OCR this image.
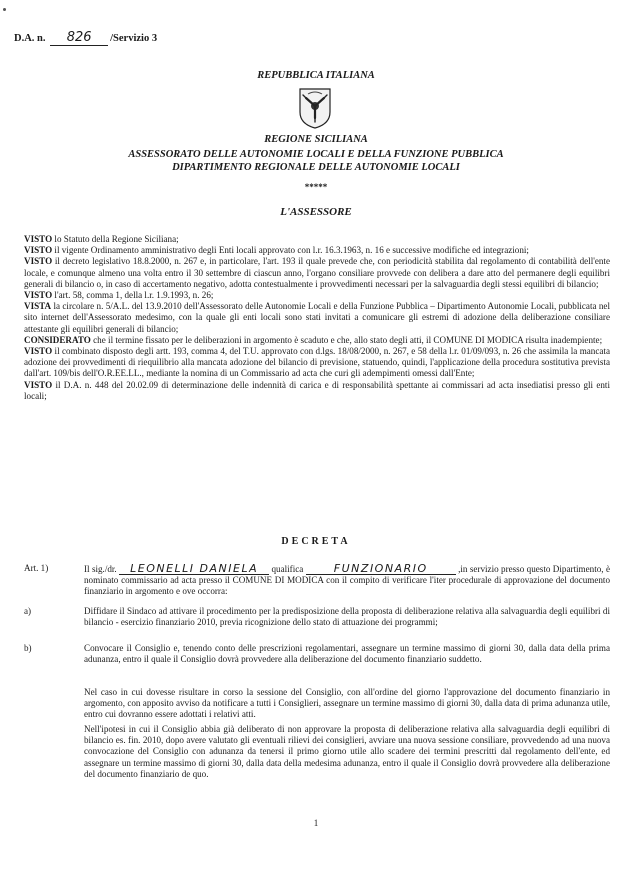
D.A. n. 826 /Servizio 3
REPUBBLICA ITALIANA
REGIONE SICILIANA
ASSESSORATO DELLE AUTONOMIE LOCALI E DELLA FUNZIONE PUBBLICA
DIPARTIMENTO REGIONALE DELLE AUTONOMIE LOCALI
*****
L'ASSESSORE

VISTO lo Statuto della Regione Siciliana;

VISTO il vigente Ordinamento amministrativo degli Enti locali approvato con l.r. 16.3.1963, n. 16 e successive modifiche ed integrazioni;

VISTO il decreto legislativo 18.8.2000, n. 267 e, in particolare, l'art. 193 il quale prevede che, con periodicità stabilita dal regolamento di contabilità dell'ente locale, e comunque almeno una volta entro il 30 settembre di ciascun anno, l'organo consiliare provvede con delibera a dare atto del permanere degli equilibri generali di bilancio o, in caso di accertamento negativo, adotta contestualmente i provvedimenti necessari per la salvaguardia degli stessi equilibri di bilancio;

VISTO l'art. 58, comma 1, della l.r. 1.9.1993, n. 26;

VISTA la circolare n. 5/A.L. del 13.9.2010 dell'Assessorato delle Autonomie Locali e della Funzione Pubblica – Dipartimento Autonomie Locali, pubblicata nel sito internet dell'Assessorato medesimo, con la quale gli enti locali sono stati invitati a comunicare gli estremi di adozione della deliberazione consiliare attestante gli equilibri generali di bilancio;

CONSIDERATO che il termine fissato per le deliberazioni in argomento è scaduto e che, allo stato degli atti, il COMUNE DI MODICA risulta inadempiente;

VISTO il combinato disposto degli artt. 193, comma 4, del T.U. approvato con d.lgs. 18/08/2000, n. 267, e 58 della l.r. 01/09/093, n. 26 che assimila la mancata adozione dei provvedimenti di riequilibrio alla mancata adozione del bilancio di previsione, statuendo, quindi, l'applicazione della procedura sostitutiva prevista dall'art. 109/bis dell'O.R.EE.LL., mediante la nomina di un Commissario ad acta che curi gli adempimenti omessi dall'Ente;

VISTO il D.A. n. 448 del 20.02.09 di determinazione delle indennità di carica e di responsabilità spettante ai commissari ad acta insediatisi presso gli enti locali;

DECRETA
Art. 1)	Il sig./dr. LEONELLI DANIELA qualifica	FUNZIONARIO	,in servizio presso questo Dipartimento, è nominato commissario ad acta presso il COMUNE DI MODICA con il compito di verificare l'iter procedurale di approvazione del documento finanziario in argomento e ove occorra:
a)	Diffidare il Sindaco ad attivare il procedimento per la predisposizione della proposta di deliberazione relativa alla salvaguardia degli equilibri di bilancio - esercizio finanziario 2010, previa ricognizione dello stato di attuazione dei programmi;
b)	Convocare il Consiglio e, tenendo conto delle prescrizioni regolamentari, assegnare un termine massimo di giorni 30, dalla data della prima adunanza, entro il quale il Consiglio dovrà provvedere alla deliberazione del documento finanziario suddetto.
Nel caso in cui dovesse risultare in corso la sessione del Consiglio, con all'ordine del giorno l'approvazione del documento finanziario in argomento, con apposito avviso da notificare a tutti i Consiglieri, assegnare un termine massimo di giorni 30, dalla data di prima adunanza utile, entro cui dovranno essere adottati i relativi atti.
Nell'ipotesi in cui il Consiglio abbia già deliberato di non approvare la proposta di deliberazione relativa alla salvaguardia degli equilibri di bilancio es. fin. 2010, dopo avere valutato gli eventuali rilievi dei consiglieri, avviare una nuova sessione consiliare, provvedendo ad una nuova convocazione del Consiglio con adunanza da tenersi il primo giorno utile allo scadere dei termini prescritti dal regolamento dell'ente, ed assegnare un termine massimo di giorni 30, dalla data della medesima adunanza, entro il quale il Consiglio dovrà provvedere alla deliberazione del documento finanziario de quo.
1
